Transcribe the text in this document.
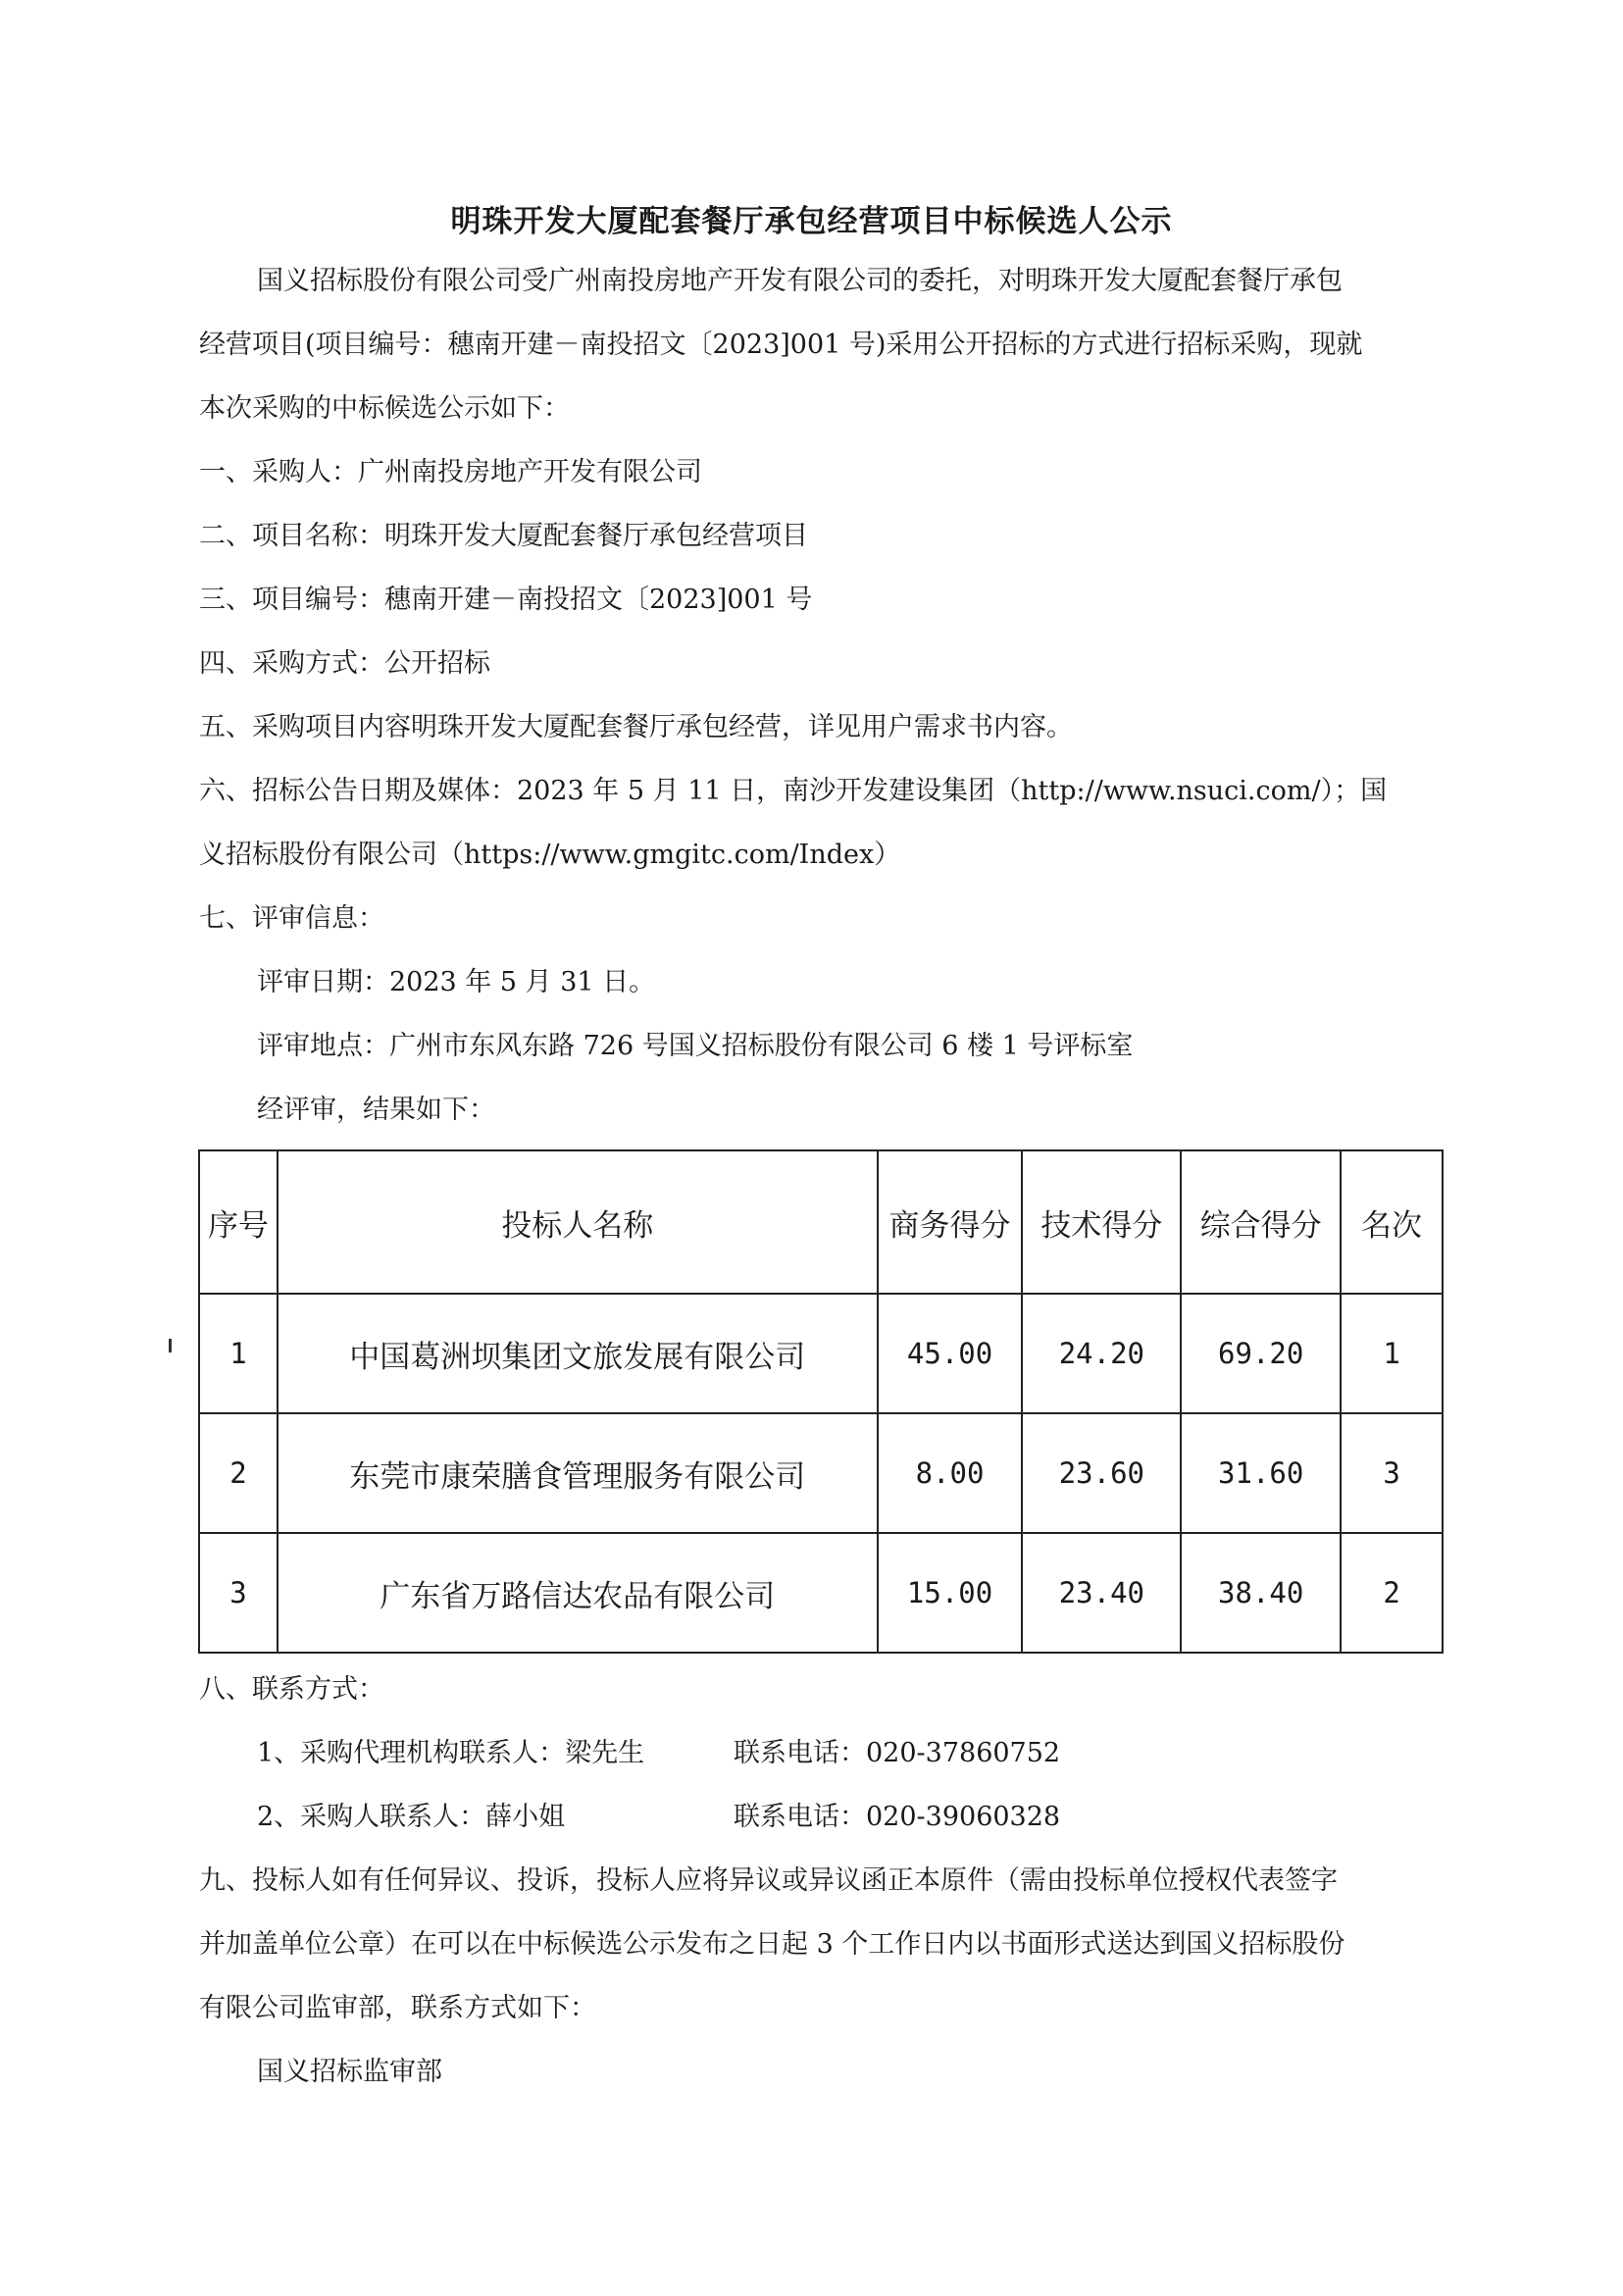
明珠开发大厦配套餐厅承包经营项目中标候选人公示
国义招标股份有限公司受广州南投房地产开发有限公司的委托，对明珠开发大厦配套餐厅承包
经营项目(项目编号：穗南开建－南投招文〔2023]001 号)采用公开招标的方式进行招标采购，现就
本次采购的中标候选公示如下：
一、采购人：广州南投房地产开发有限公司
二、项目名称：明珠开发大厦配套餐厅承包经营项目
三、项目编号：穗南开建－南投招文〔2023]001 号
四、采购方式：公开招标
五、采购项目内容明珠开发大厦配套餐厅承包经营，详见用户需求书内容。
六、招标公告日期及媒体：2023 年 5 月 11 日，南沙开发建设集团（http://www.nsuci.com/）；国
义招标股份有限公司（https://www.gmgitc.com/Index）
七、评审信息：
评审日期：2023 年 5 月 31 日。
评审地点：广州市东风东路 726 号国义招标股份有限公司 6 楼 1 号评标室
经评审，结果如下：
序号	投标人名称	商务得分	技术得分	综合得分	名次
1	中国葛洲坝集团文旅发展有限公司	45.00	24.20	69.20	1
2	东莞市康荣膳食管理服务有限公司	8.00	23.60	31.60	3
3	广东省万路信达农品有限公司	15.00	23.40	38.40	2
八、联系方式：
1、采购代理机构联系人：梁先生	联系电话：020-37860752
2、采购人联系人：薛小姐	联系电话：020-39060328
九、投标人如有任何异议、投诉，投标人应将异议或异议函正本原件（需由投标单位授权代表签字
并加盖单位公章）在可以在中标候选公示发布之日起 3 个工作日内以书面形式送达到国义招标股份
有限公司监审部，联系方式如下：
国义招标监审部
